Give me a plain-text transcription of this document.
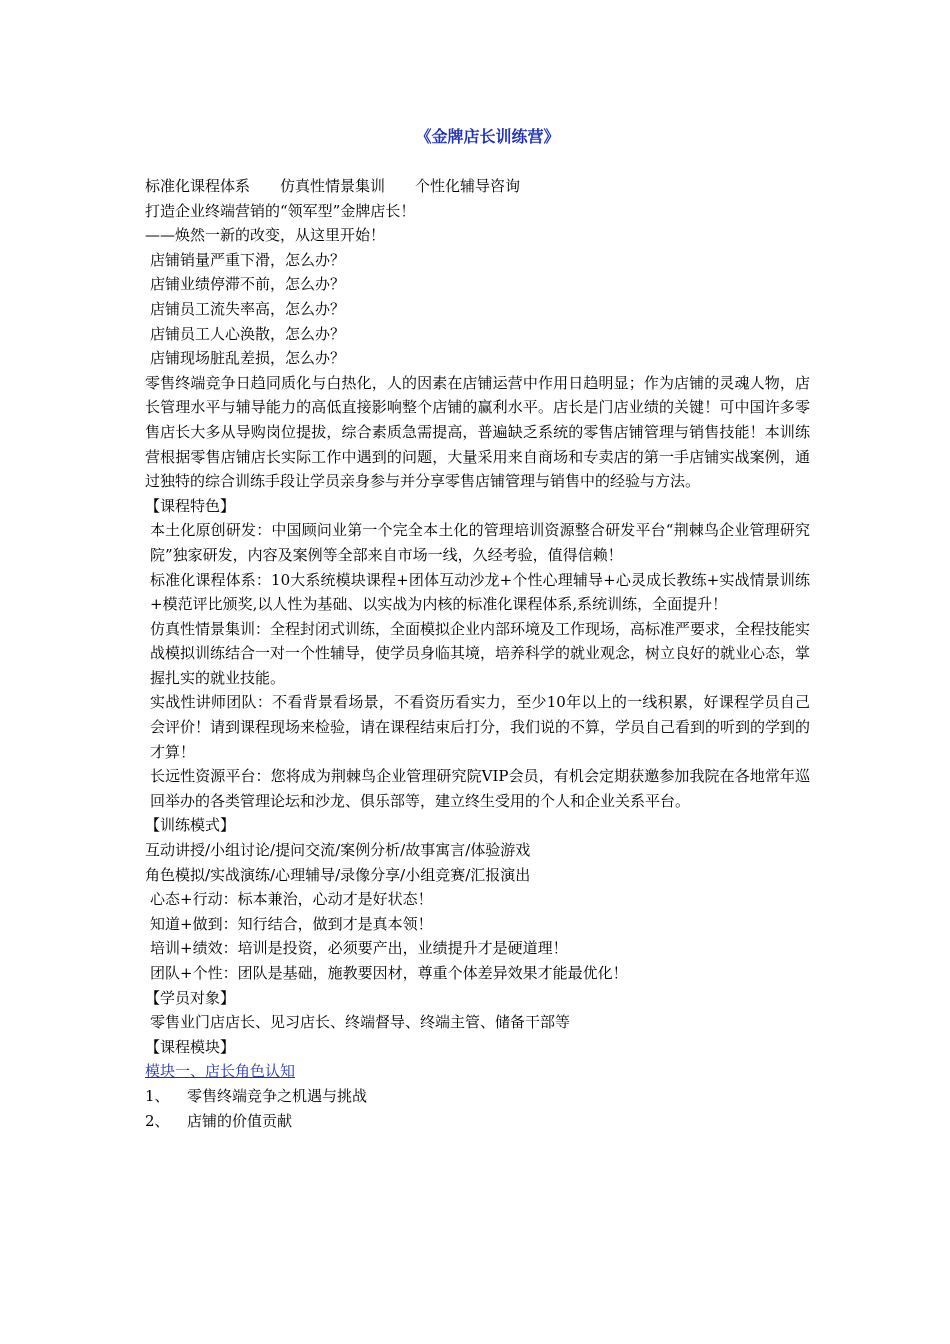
《金牌店长训练营》

标准化课程体系 仿真性情景集训 个性化辅导咨询

打造企业终端营销的“领军型”金牌店长！

——焕然一新的改变，从这里开始！

店铺销量严重下滑，怎么办？

店铺业绩停滞不前，怎么办？

店铺员工流失率高，怎么办？

店铺员工人心涣散，怎么办？

店铺现场脏乱差损，怎么办？

零售终端竞争日趋同质化与白热化，人的因素在店铺运营中作用日趋明显；作为店铺的灵魂人物，店长管理水平与辅导能力的高低直接影响整个店铺的赢利水平。店长是门店业绩的关键！可中国许多零售店长大多从导购岗位提拔，综合素质急需提高，普遍缺乏系统的零售店铺管理与销售技能！本训练营根据零售店铺店长实际工作中遇到的问题，大量采用来自商场和专卖店的第一手店铺实战案例，通过独特的综合训练手段让学员亲身参与并分享零售店铺管理与销售中的经验与方法。

【课程特色】

本土化原创研发：中国顾问业第一个完全本土化的管理培训资源整合研发平台“荆棘鸟企业管理研究院”独家研发，内容及案例等全部来自市场一线，久经考验，值得信赖！

标准化课程体系：10大系统模块课程+团体互动沙龙+个性心理辅导+心灵成长教练+实战情景训练+模范评比颁奖,以人性为基础、以实战为内核的标准化课程体系,系统训练，全面提升！

仿真性情景集训：全程封闭式训练，全面模拟企业内部环境及工作现场，高标准严要求，全程技能实战模拟训练结合一对一个性辅导，使学员身临其境，培养科学的就业观念，树立良好的就业心态，掌握扎实的就业技能。

实战性讲师团队：不看背景看场景，不看资历看实力，至少10年以上的一线积累，好课程学员自己会评价！请到课程现场来检验，请在课程结束后打分，我们说的不算，学员自己看到的听到的学到的才算！

长远性资源平台：您将成为荆棘鸟企业管理研究院VIP会员，有机会定期获邀参加我院在各地常年巡回举办的各类管理论坛和沙龙、俱乐部等，建立终生受用的个人和企业关系平台。

【训练模式】

互动讲授/小组讨论/提问交流/案例分析/故事寓言/体验游戏

角色模拟/实战演练/心理辅导/录像分享/小组竞赛/汇报演出

心态+行动：标本兼治，心动才是好状态！

知道+做到：知行结合，做到才是真本领！

培训+绩效：培训是投资，必须要产出，业绩提升才是硬道理！

团队+个性：团队是基础，施教要因材，尊重个体差异效果才能最优化！

【学员对象】

零售业门店店长、见习店长、终端督导、终端主管、储备干部等

【课程模块】

模块一、店长角色认知

1、 零售终端竞争之机遇与挑战

2、 店铺的价值贡献
